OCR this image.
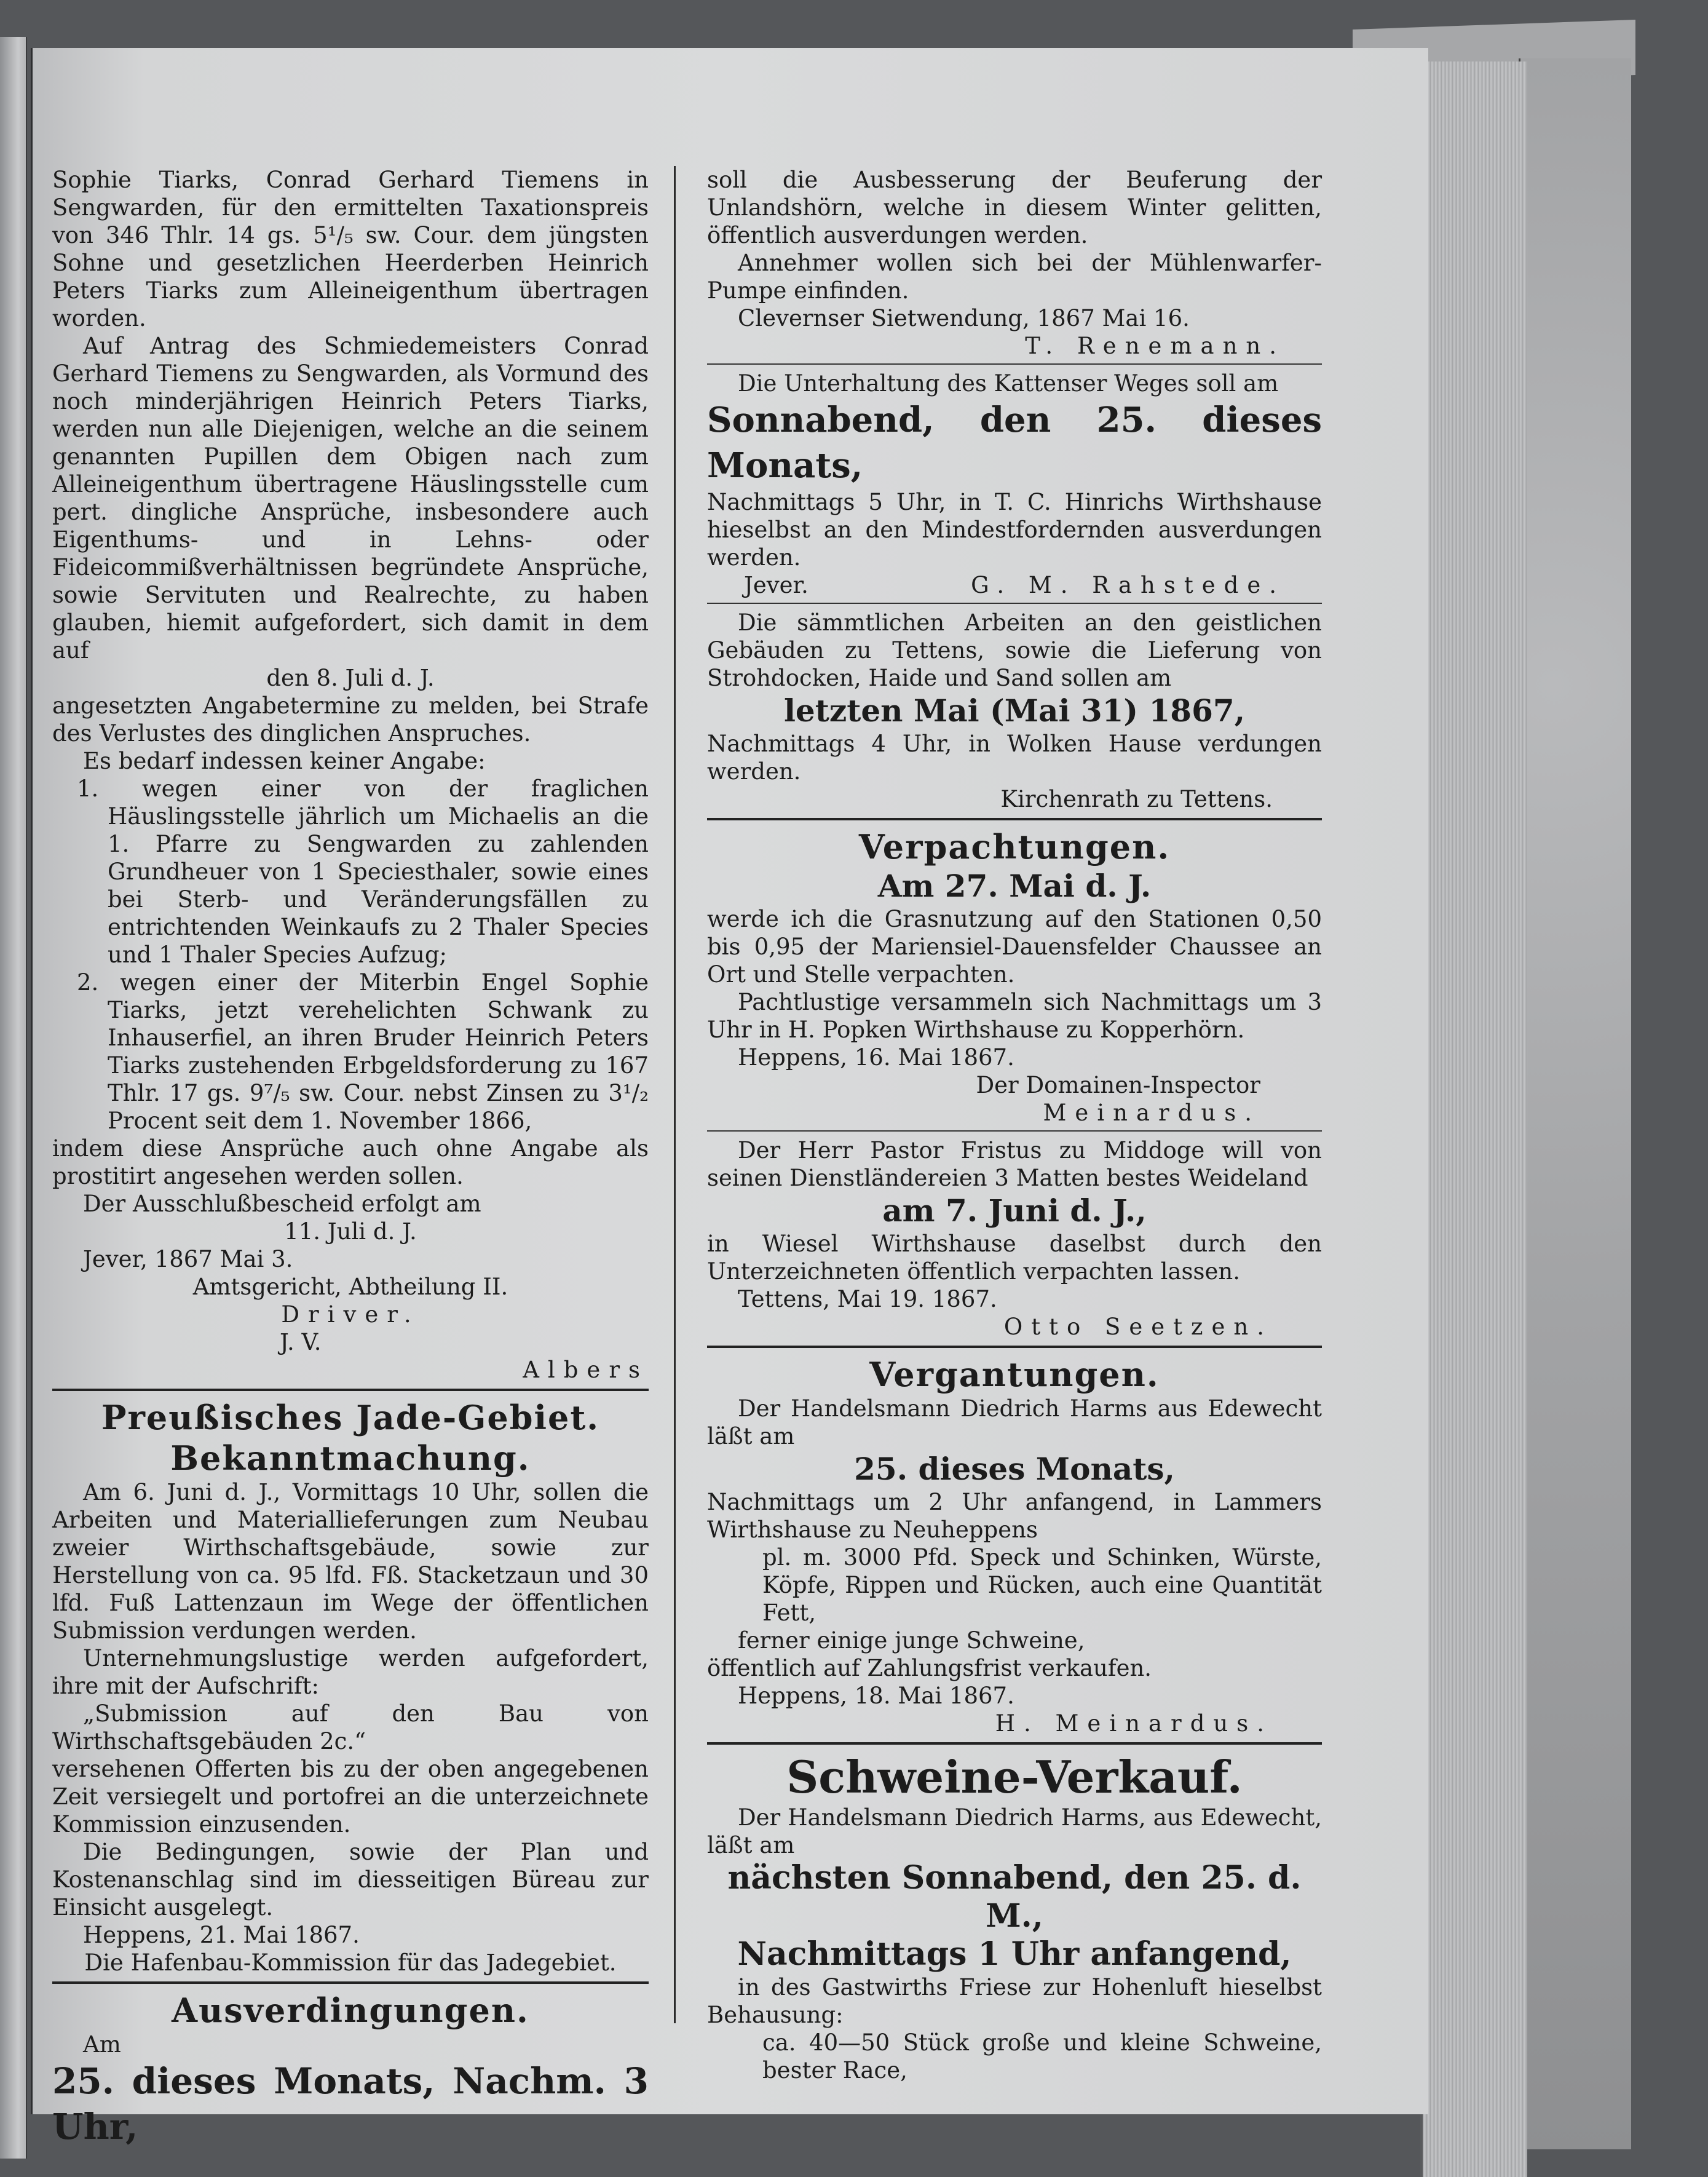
Sophie Tiarks, Conrad Gerhard Tiemens in Sengwarden, für den ermittelten Taxationspreis von 346 Thlr. 14 gs. 5¹/₅ sw. Cour. dem jüngsten Sohne und gesetzlichen Heerderben Heinrich Peters Tiarks zum Alleineigenthum übertragen worden.

Auf Antrag des Schmiedemeisters Conrad Gerhard Tiemens zu Sengwarden, als Vormund des noch minderjährigen Heinrich Peters Tiarks, werden nun alle Diejenigen, welche an die seinem genannten Pupillen dem Obigen nach zum Alleineigenthum übertragene Häuslingsstelle cum pert. dingliche Ansprüche, insbesondere auch Eigenthums- und in Lehns- oder Fideicommißverhältnissen begründete Ansprüche, sowie Servituten und Realrechte, zu haben glauben, hiemit aufgefordert, sich damit in dem auf

den 8. Juli d. J.

angesetzten Angabetermine zu melden, bei Strafe des Verlustes des dinglichen Anspruches.

Es bedarf indessen keiner Angabe:

1. wegen einer von der fraglichen Häuslingsstelle jährlich um Michaelis an die 1. Pfarre zu Sengwarden zu zahlenden Grundheuer von 1 Speciesthaler, sowie eines bei Sterb- und Veränderungsfällen zu entrichtenden Weinkaufs zu 2 Thaler Species und 1 Thaler Species Aufzug;

2. wegen einer der Miterbin Engel Sophie Tiarks, jetzt verehelichten Schwank zu Inhauserfiel, an ihren Bruder Heinrich Peters Tiarks zustehenden Erbgeldsforderung zu 167 Thlr. 17 gs. 9⁷/₅ sw. Cour. nebst Zinsen zu 3¹/₂ Procent seit dem 1. November 1866,

indem diese Ansprüche auch ohne Angabe als prostitirt angesehen werden sollen.

Der Ausschlußbescheid erfolgt am

11. Juli d. J.

Jever, 1867 Mai 3.

Amtsgericht, Abtheilung II.

Driver.

J. V.

Albers

Preußisches Jade-Gebiet.

Bekanntmachung.

Am 6. Juni d. J., Vormittags 10 Uhr, sollen die Arbeiten und Materiallieferungen zum Neubau zweier Wirthschaftsgebäude, sowie zur Herstellung von ca. 95 lfd. Fß. Stacketzaun und 30 lfd. Fuß Lattenzaun im Wege der öffentlichen Submission verdungen werden.

Unternehmungslustige werden aufgefordert, ihre mit der Aufschrift:

„Submission auf den Bau von Wirthschaftsgebäuden 2c.“

versehenen Offerten bis zu der oben angegebenen Zeit versiegelt und portofrei an die unterzeichnete Kommission einzusenden.

Die Bedingungen, sowie der Plan und Kostenanschlag sind im diesseitigen Büreau zur Einsicht ausgelegt.

Heppens, 21. Mai 1867.

Die Hafenbau-Kommission für das Jadegebiet.

Ausverdingungen.

Am

25. dieses Monats, Nachm. 3 Uhr,

soll die Ausbesserung der Beuferung der Unlandshörn, welche in diesem Winter gelitten, öffentlich ausverdungen werden.

Annehmer wollen sich bei der Mühlenwarfer-Pumpe einfinden.

Clevernser Sietwendung, 1867 Mai 16.

T. Renemann.

Die Unterhaltung des Kattenser Weges soll am

Sonnabend, den 25. dieses Monats,

Nachmittags 5 Uhr, in T. C. Hinrichs Wirthshause hieselbst an den Mindestfordernden ausverdungen werden.

Jever.	G. M. Rahstede.

Die sämmtlichen Arbeiten an den geistlichen Gebäuden zu Tettens, sowie die Lieferung von Strohdocken, Haide und Sand sollen am

letzten Mai (Mai 31) 1867,

Nachmittags 4 Uhr, in Wolken Hause verdungen werden.

Kirchenrath zu Tettens.

Verpachtungen.

Am 27. Mai d. J.

werde ich die Grasnutzung auf den Stationen 0,50 bis 0,95 der Mariensiel-Dauensfelder Chaussee an Ort und Stelle verpachten.

Pachtlustige versammeln sich Nachmittags um 3 Uhr in H. Popken Wirthshause zu Kopperhörn.

Heppens, 16. Mai 1867.

Der Domainen-Inspector

Meinardus.

Der Herr Pastor Fristus zu Middoge will von seinen Dienstländereien 3 Matten bestes Weideland

am 7. Juni d. J.,

in Wiesel Wirthshause daselbst durch den Unterzeichneten öffentlich verpachten lassen.

Tettens, Mai 19. 1867.

Otto Seetzen.

Vergantungen.

Der Handelsmann Diedrich Harms aus Edewecht läßt am

25. dieses Monats,

Nachmittags um 2 Uhr anfangend, in Lammers Wirthshause zu Neuheppens

pl. m. 3000 Pfd. Speck und Schinken, Würste, Köpfe, Rippen und Rücken, auch eine Quantität Fett,

ferner einige junge Schweine,

öffentlich auf Zahlungsfrist verkaufen.

Heppens, 18. Mai 1867.

H. Meinardus.

Schweine-Verkauf.

Der Handelsmann Diedrich Harms, aus Edewecht, läßt am

nächsten Sonnabend, den 25. d. M.,

Nachmittags 1 Uhr anfangend,

in des Gastwirths Friese zur Hohenluft hieselbst Behausung:

ca. 40—50 Stück große und kleine Schweine, bester Race,
